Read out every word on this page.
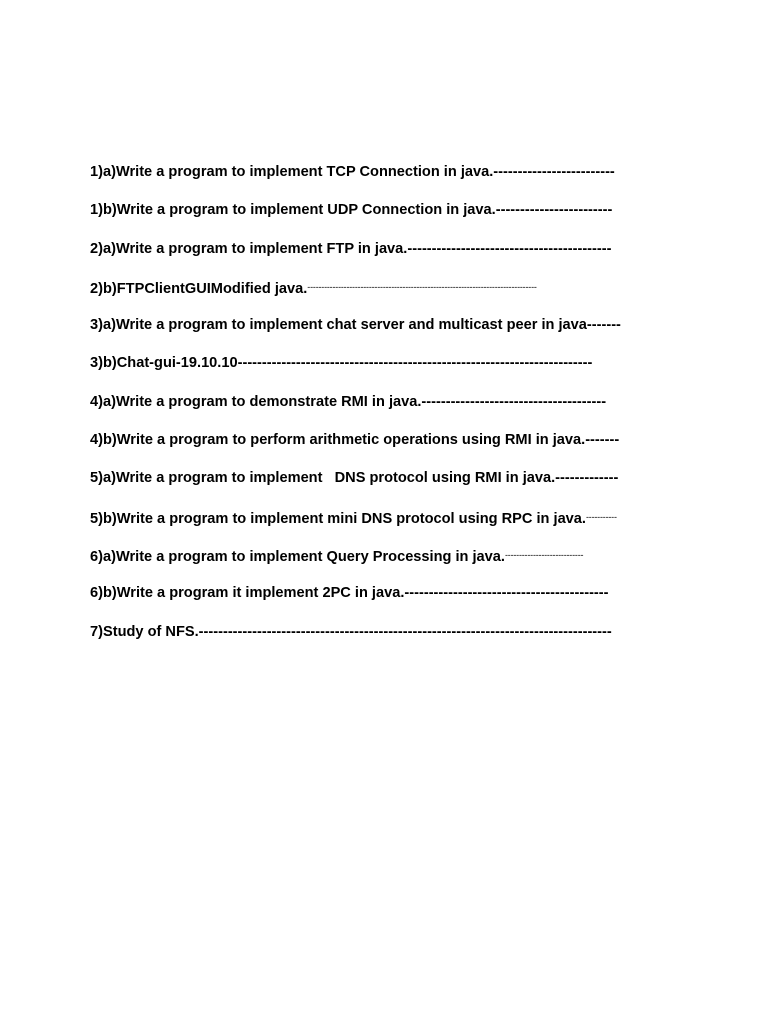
1)a)Write a program to implement TCP Connection in java.-------------------------
1)b)Write a program to implement UDP Connection in java.------------------------
2)a)Write a program to implement FTP in java.------------------------------------------
2)b)FTPClientGUIModified java.----------------------------------------------------------------------------------
3)a)Write a program to implement chat server and multicast peer in java-------
3)b)Chat-gui-19.10.10-------------------------------------------------------------------------
4)a)Write a program to demonstrate RMI in java.--------------------------------------
4)b)Write a program to perform arithmetic operations using RMI in java.-------
5)a)Write a program to implement   DNS protocol using RMI in java.-------------
5)b)Write a program to implement mini DNS protocol using RPC in java.-----------
6)a)Write a program to implement Query Processing in java.----------------------------
6)b)Write a program it implement 2PC in java.------------------------------------------
7)Study of NFS.-------------------------------------------------------------------------------------
